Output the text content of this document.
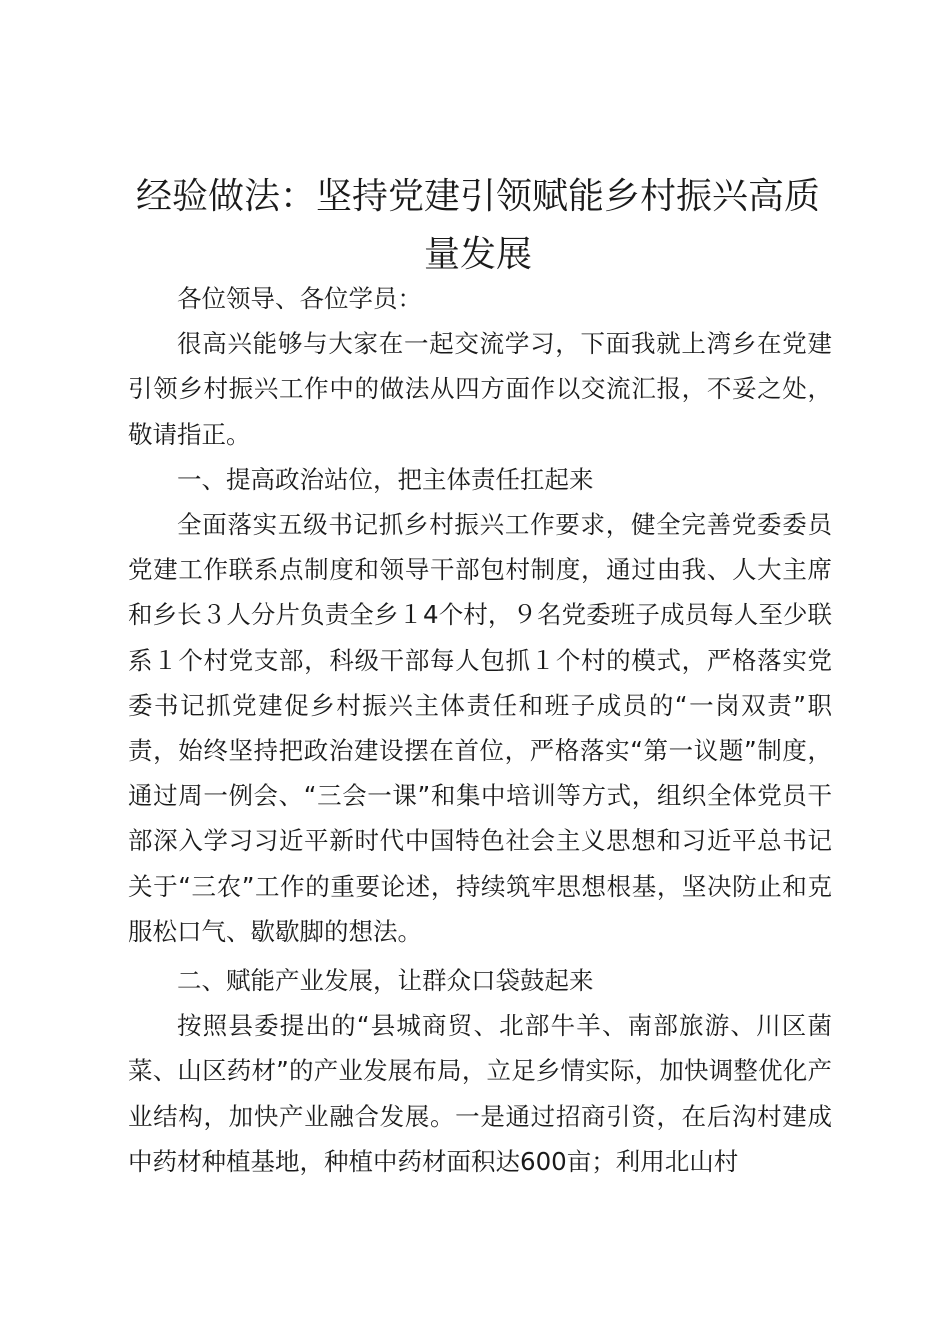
经验做法：坚持党建引领赋能乡村振兴高质量发展

各位领导、各位学员：

很高兴能够与大家在一起交流学习，下面我就上湾乡在党建引领乡村振兴工作中的做法从四方面作以交流汇报，不妥之处，敬请指正。

一、提高政治站位，把主体责任扛起来

全面落实五级书记抓乡村振兴工作要求，健全完善党委委员党建工作联系点制度和领导干部包村制度，通过由我、人大主席和乡长３人分片负责全乡１4个村，９名党委班子成员每人至少联系１个村党支部，科级干部每人包抓１个村的模式，严格落实党委书记抓党建促乡村振兴主体责任和班子成员的“一岗双责”职责，始终坚持把政治建设摆在首位，严格落实“第一议题”制度，通过周一例会、“三会一课”和集中培训等方式，组织全体党员干部深入学习习近平新时代中国特色社会主义思想和习近平总书记关于“三农”工作的重要论述，持续筑牢思想根基，坚决防止和克服松口气、歇歇脚的想法。

二、赋能产业发展，让群众口袋鼓起来

按照县委提出的“县城商贸、北部牛羊、南部旅游、川区菌菜、山区药材”的产业发展布局，立足乡情实际，加快调整优化产业结构，加快产业融合发展。一是通过招商引资，在后沟村建成中药材种植基地，种植中药材面积达600亩；利用北山村
